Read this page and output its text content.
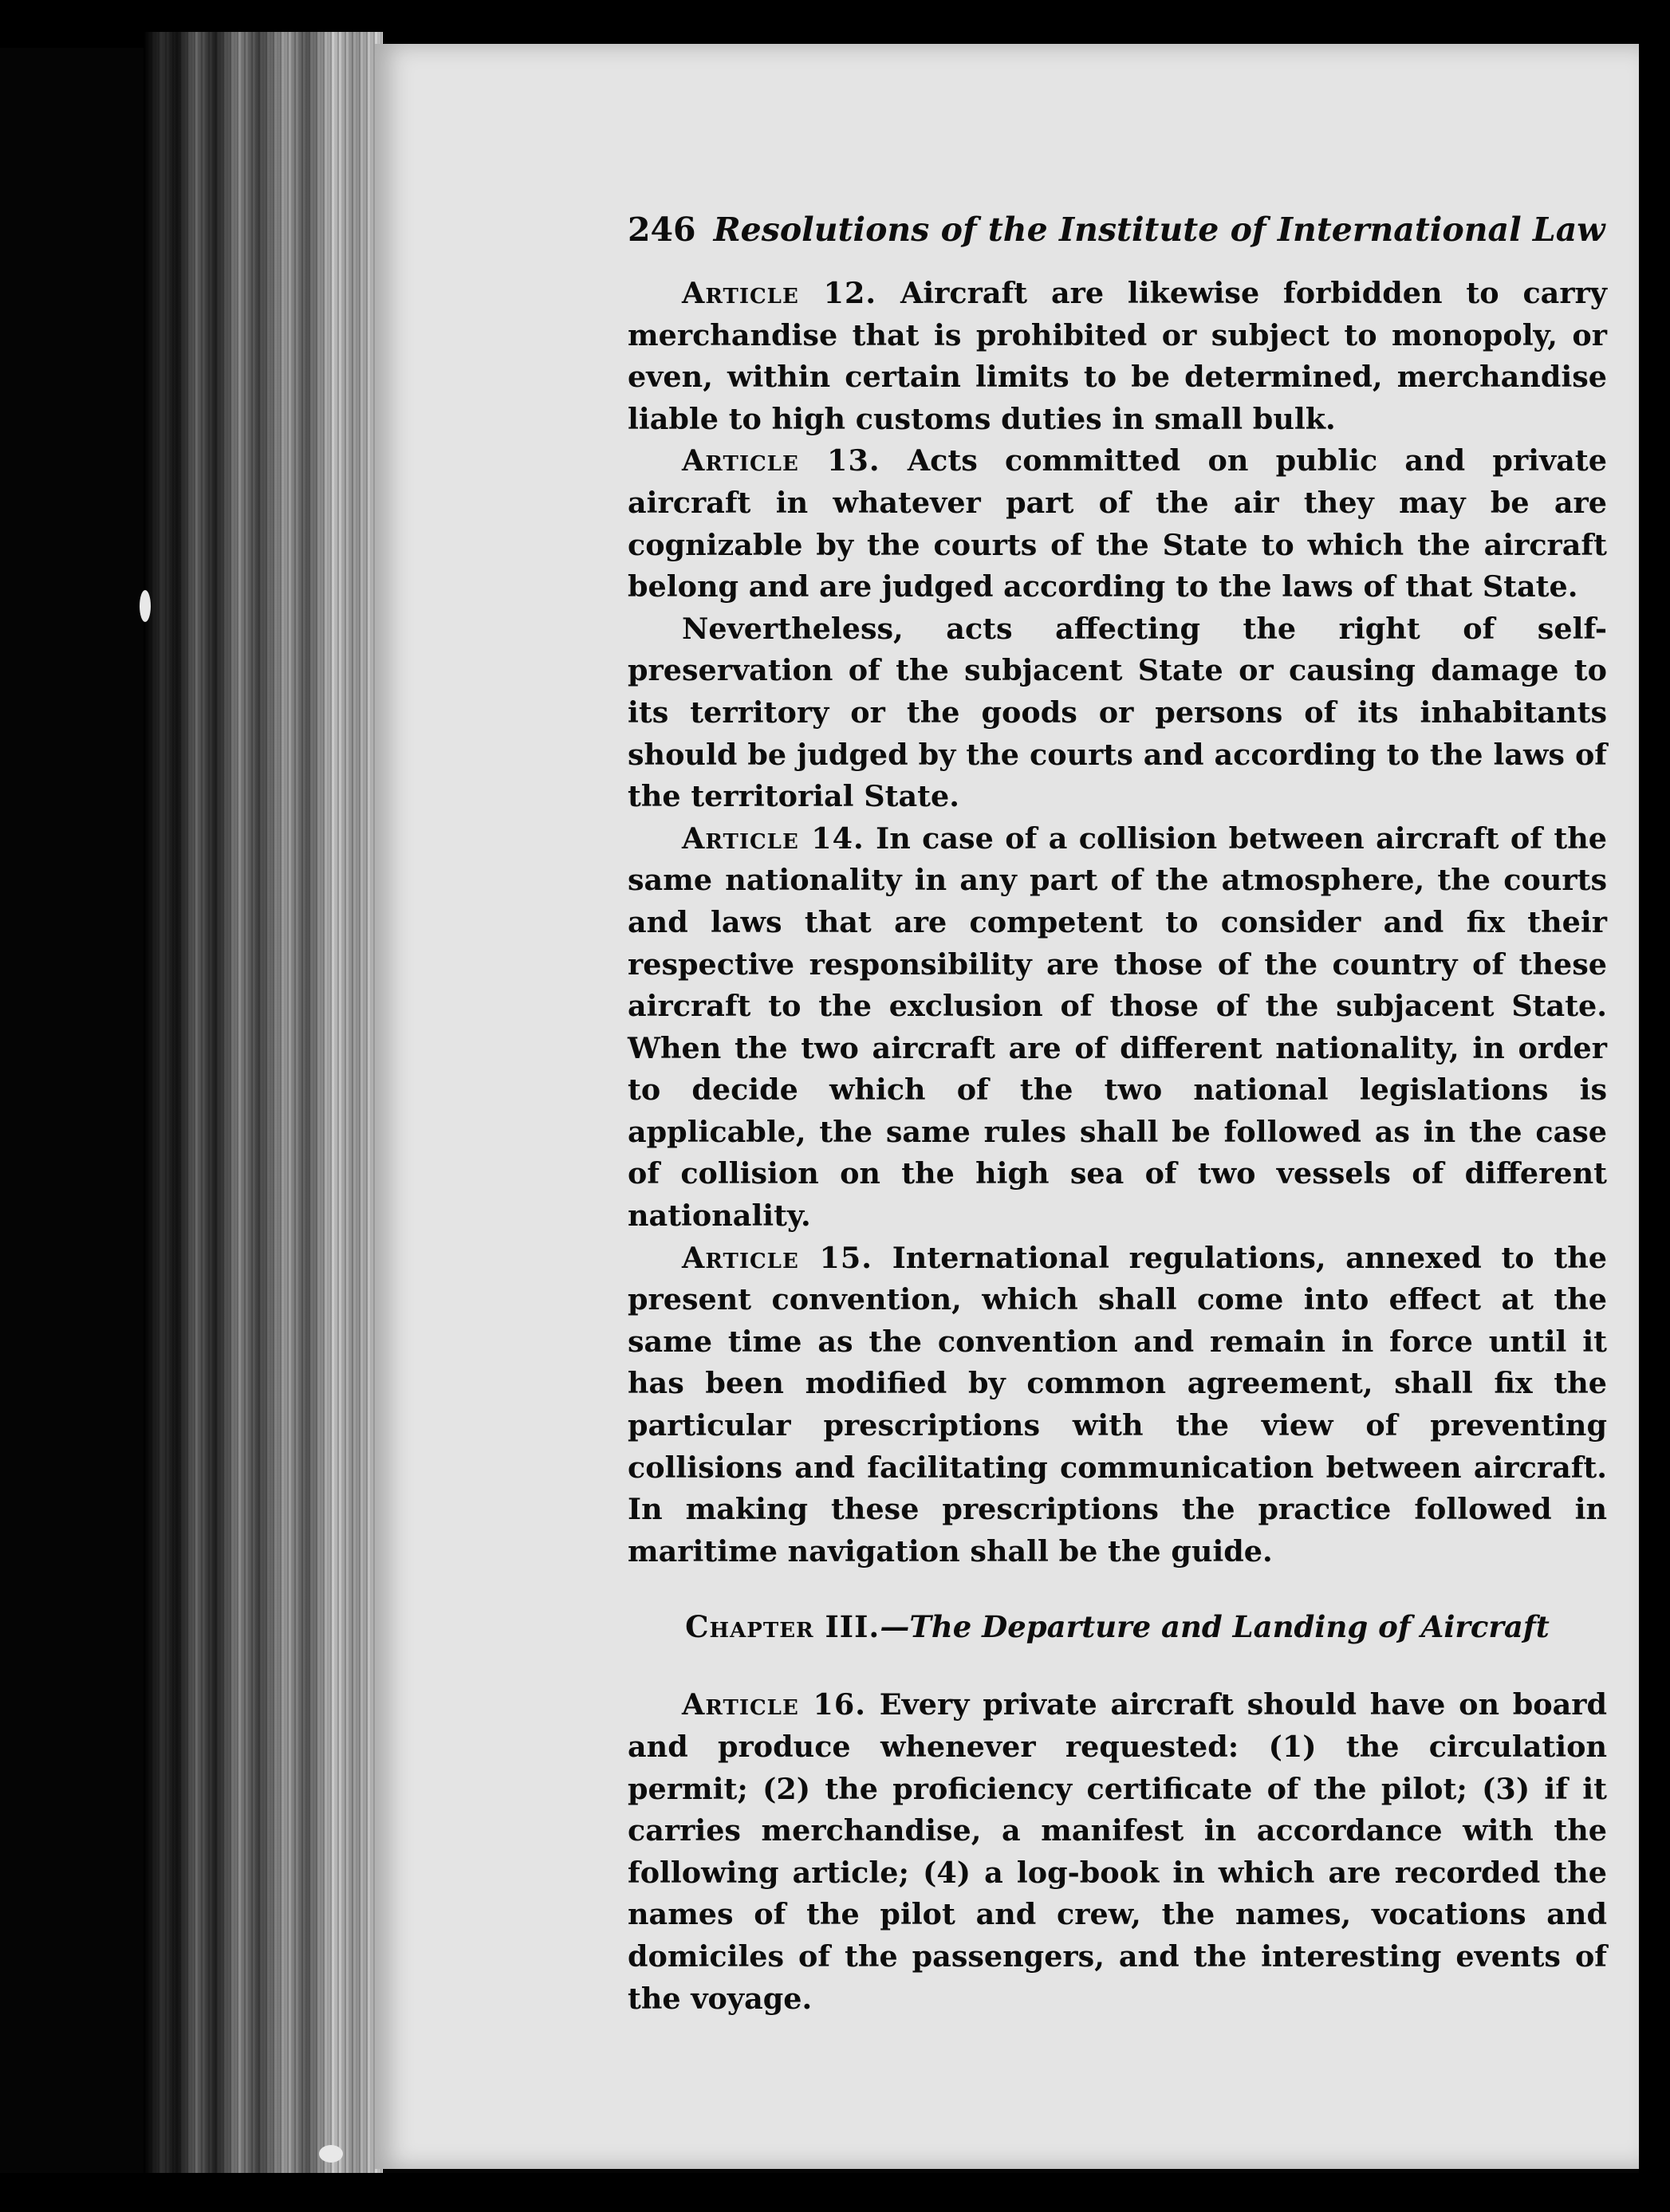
246 Resolutions of the Institute of International Law

Article 12. Aircraft are likewise forbidden to carry merchandise that is prohibited or subject to monopoly, or even, within certain limits to be determined, merchandise liable to high customs duties in small bulk.

Article 13. Acts committed on public and private aircraft in whatever part of the air they may be are cognizable by the courts of the State to which the aircraft belong and are judged according to the laws of that State.

Nevertheless, acts affecting the right of self-preservation of the subjacent State or causing damage to its territory or the goods or persons of its inhabitants should be judged by the courts and according to the laws of the territorial State.

Article 14. In case of a collision between aircraft of the same nationality in any part of the atmosphere, the courts and laws that are competent to consider and fix their respective responsibility are those of the country of these aircraft to the exclusion of those of the subjacent State. When the two aircraft are of different nationality, in order to decide which of the two national legislations is applicable, the same rules shall be followed as in the case of collision on the high sea of two vessels of different nationality.

Article 15. International regulations, annexed to the present convention, which shall come into effect at the same time as the convention and remain in force until it has been modified by common agreement, shall fix the particular prescriptions with the view of preventing collisions and facilitating communication between aircraft. In making these prescriptions the practice followed in maritime navigation shall be the guide.

Chapter III.—The Departure and Landing of Aircraft

Article 16. Every private aircraft should have on board and produce whenever requested: (1) the circulation permit; (2) the proficiency certificate of the pilot; (3) if it carries merchandise, a manifest in accordance with the following article; (4) a log-book in which are recorded the names of the pilot and crew, the names, vocations and domiciles of the passengers, and the interesting events of the voyage.
